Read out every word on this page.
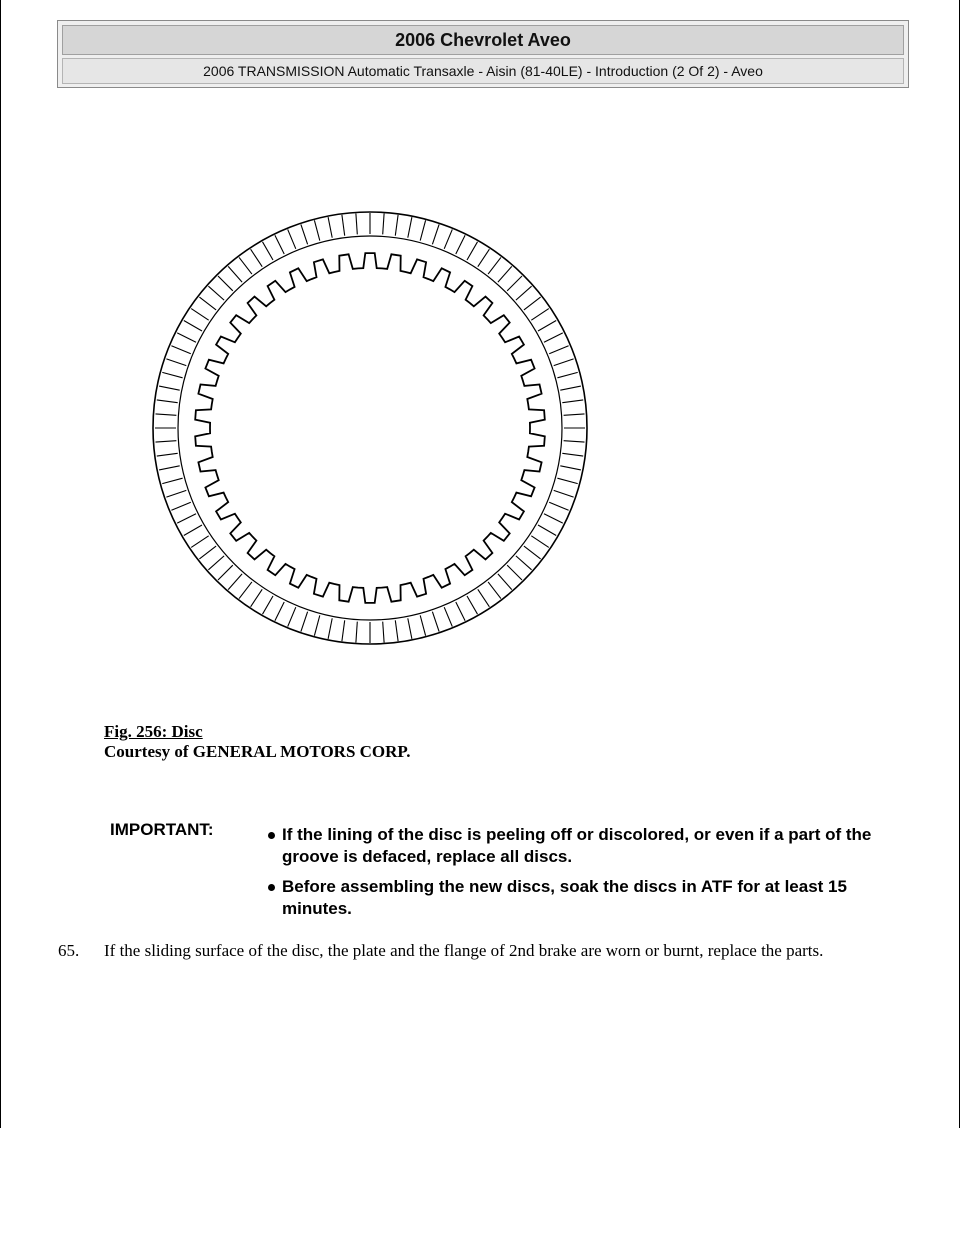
2006 Chevrolet Aveo
2006 TRANSMISSION Automatic Transaxle - Aisin (81-40LE) - Introduction (2 Of 2) - Aveo
Fig. 256: Disc
Courtesy of GENERAL MOTORS CORP.
IMPORTANT:	If the lining of the disc is peeling off or discolored, or even if a part of the groove is defaced, replace all discs.
Before assembling the new discs, soak the discs in ATF for at least 15 minutes.
65. If the sliding surface of the disc, the plate and the flange of 2nd brake are worn or burnt, replace the parts.
